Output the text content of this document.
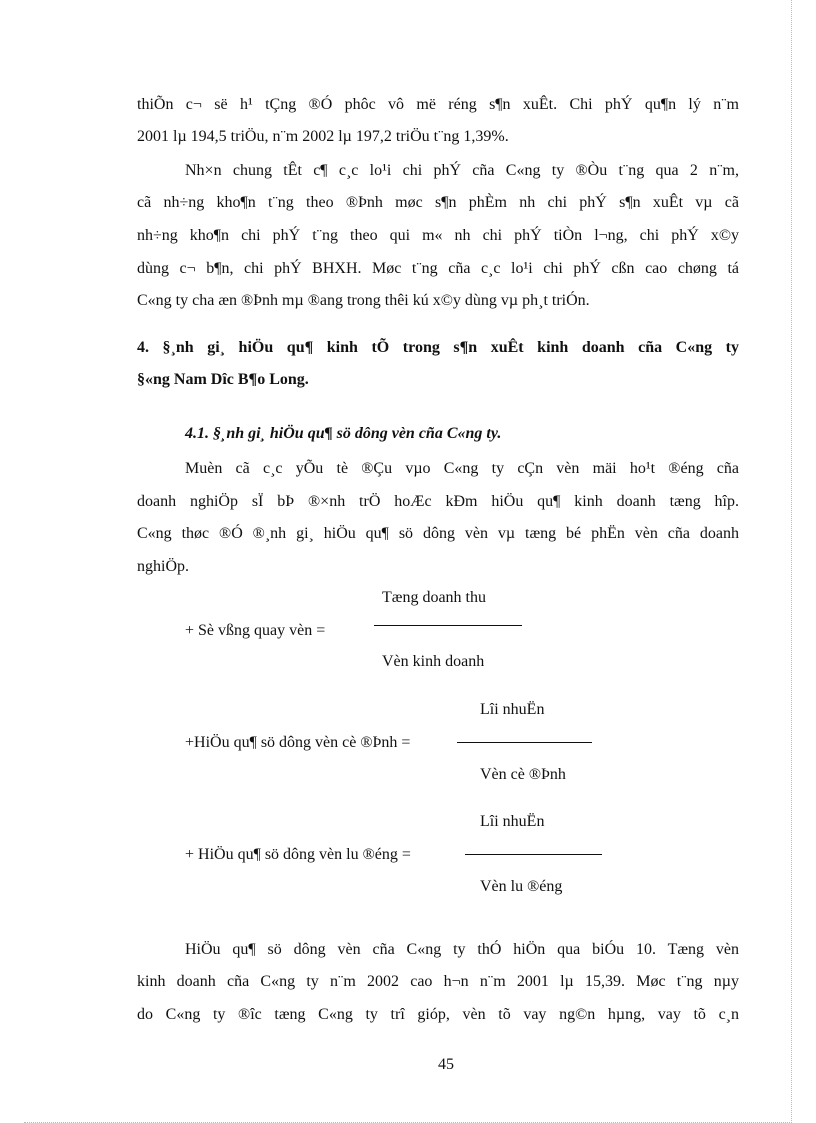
thiÕn c¬ së h¹ tÇng ®Ó phôc vô më réng s¶n xuÊt. Chi phÝ qu¶n lý n¨m
2001 lµ 194,5 triÖu, n¨m 2002 lµ 197,2 triÖu t¨ng 1,39%.
Nh×n chung tÊt c¶ c¸c lo¹i chi phÝ cña C«ng ty ®Òu t¨ng qua 2 n¨m,
cã nh÷ng kho¶n t¨ng theo ®Þnh møc s¶n phÈm nh chi phÝ s¶n xuÊt vµ cã
nh÷ng kho¶n chi phÝ t¨ng theo qui m« nh chi phÝ tiÒn l¬ng, chi phÝ x©y
dùng c¬ b¶n, chi phÝ BHXH. Møc t¨ng cña c¸c lo¹i chi phÝ cßn cao chøng tá
C«ng ty cha æn ®Þnh mµ ®ang trong thêi kú x©y dùng vµ ph¸t triÓn.
4. §¸nh gi¸ hiÖu qu¶ kinh tÕ trong s¶n xuÊt kinh doanh cña C«ng ty
§«ng Nam Dîc B¶o Long.
4.1. §¸nh gi¸ hiÖu qu¶ sö dông vèn cña C«ng ty.
Muèn cã c¸c yÕu tè ®Çu vµo C«ng ty cÇn vèn mäi ho¹t ®éng cña
doanh nghiÖp sÏ bÞ ®×nh trÖ hoÆc kÐm hiÖu qu¶ kinh doanh tæng hîp.
C«ng thøc ®Ó ®¸nh gi¸ hiÖu qu¶ sö dông vèn vµ tæng bé phËn vèn cña doanh
nghiÖp.
Tæng doanh thu
+ Sè vßng quay vèn =
Vèn kinh doanh
Lîi nhuËn
+HiÖu qu¶ sö dông vèn cè ®Þnh =
Vèn cè ®Þnh
Lîi nhuËn
+ HiÖu qu¶ sö dông vèn lu ®éng =
Vèn lu ®éng
HiÖu qu¶ sö dông vèn cña C«ng ty thÓ hiÖn qua biÓu 10. Tæng vèn
kinh doanh cña C«ng ty n¨m 2002 cao h¬n n¨m 2001 lµ 15,39. Møc t¨ng nµy
do C«ng ty ®îc tæng C«ng ty trî gióp, vèn tõ vay ng©n hµng, vay tõ c¸n
45
